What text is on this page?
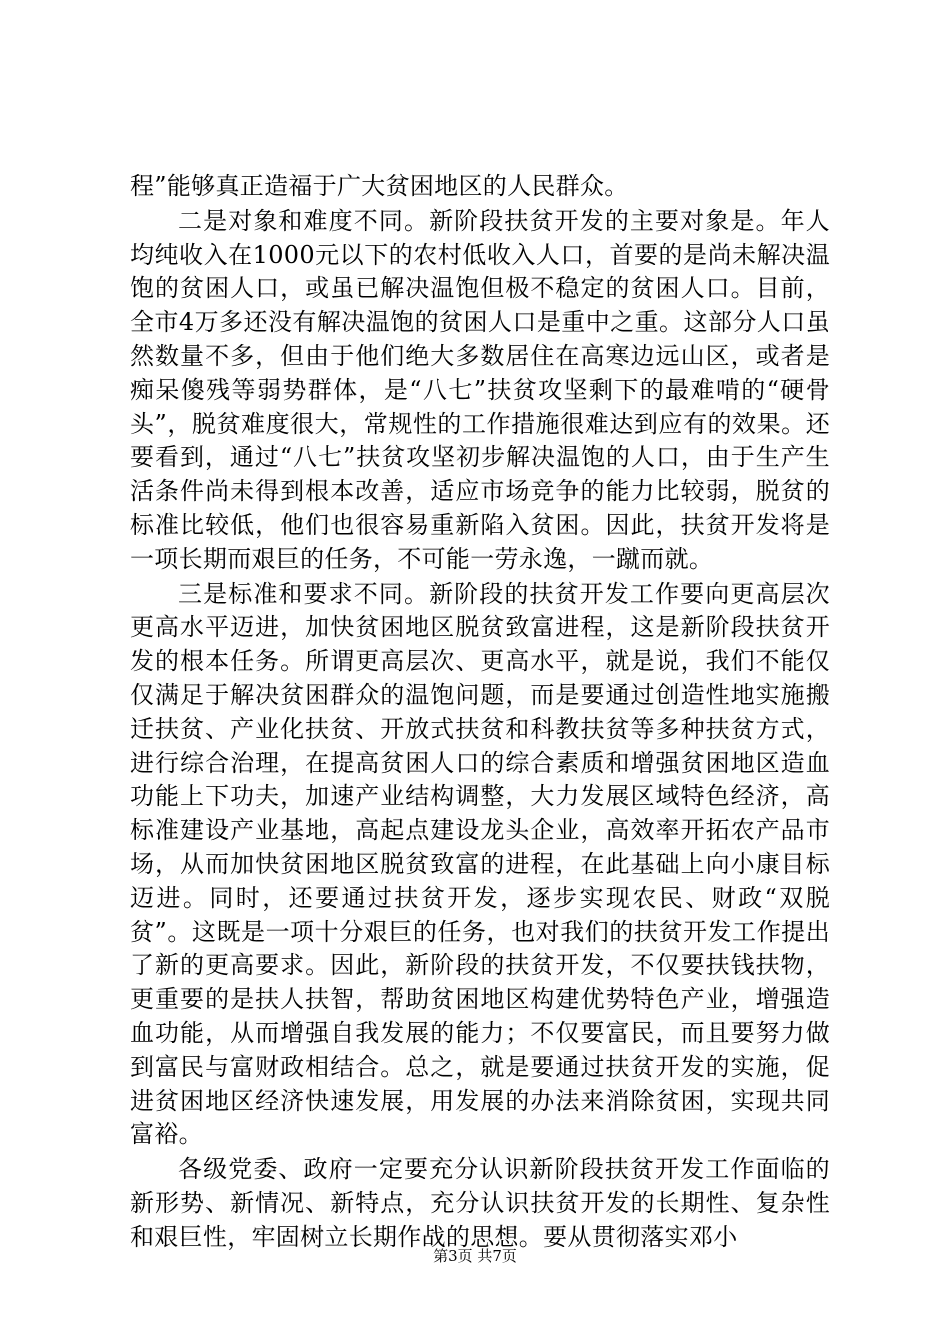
程”能够真正造福于广大贫困地区的人民群众。

二是对象和难度不同。新阶段扶贫开发的主要对象是。年人均纯收入在1000元以下的农村低收入人口，首要的是尚未解决温饱的贫困人口，或虽已解决温饱但极不稳定的贫困人口。目前，全市4万多还没有解决温饱的贫困人口是重中之重。这部分人口虽然数量不多，但由于他们绝大多数居住在高寒边远山区，或者是痴呆傻残等弱势群体，是“八七”扶贫攻坚剩下的最难啃的“硬骨头”，脱贫难度很大，常规性的工作措施很难达到应有的效果。还要看到，通过“八七”扶贫攻坚初步解决温饱的人口，由于生产生活条件尚未得到根本改善，适应市场竞争的能力比较弱，脱贫的标准比较低，他们也很容易重新陷入贫困。因此，扶贫开发将是一项长期而艰巨的任务，不可能一劳永逸，一蹴而就。

三是标准和要求不同。新阶段的扶贫开发工作要向更高层次更高水平迈进，加快贫困地区脱贫致富进程，这是新阶段扶贫开发的根本任务。所谓更高层次、更高水平，就是说，我们不能仅仅满足于解决贫困群众的温饱问题，而是要通过创造性地实施搬迁扶贫、产业化扶贫、开放式扶贫和科教扶贫等多种扶贫方式，进行综合治理，在提高贫困人口的综合素质和增强贫困地区造血功能上下功夫，加速产业结构调整，大力发展区域特色经济，高标准建设产业基地，高起点建设龙头企业，高效率开拓农产品市场，从而加快贫困地区脱贫致富的进程，在此基础上向小康目标迈进。同时，还要通过扶贫开发，逐步实现农民、财政“双脱贫”。这既是一项十分艰巨的任务，也对我们的扶贫开发工作提出了新的更高要求。因此，新阶段的扶贫开发，不仅要扶钱扶物，更重要的是扶人扶智，帮助贫困地区构建优势特色产业，增强造血功能，从而增强自我发展的能力；不仅要富民，而且要努力做到富民与富财政相结合。总之，就是要通过扶贫开发的实施，促进贫困地区经济快速发展，用发展的办法来消除贫困，实现共同富裕。

各级党委、政府一定要充分认识新阶段扶贫开发工作面临的新形势、新情况、新特点，充分认识扶贫开发的长期性、复杂性和艰巨性，牢固树立长期作战的思想。要从贯彻落实邓小

第3页 共7页
